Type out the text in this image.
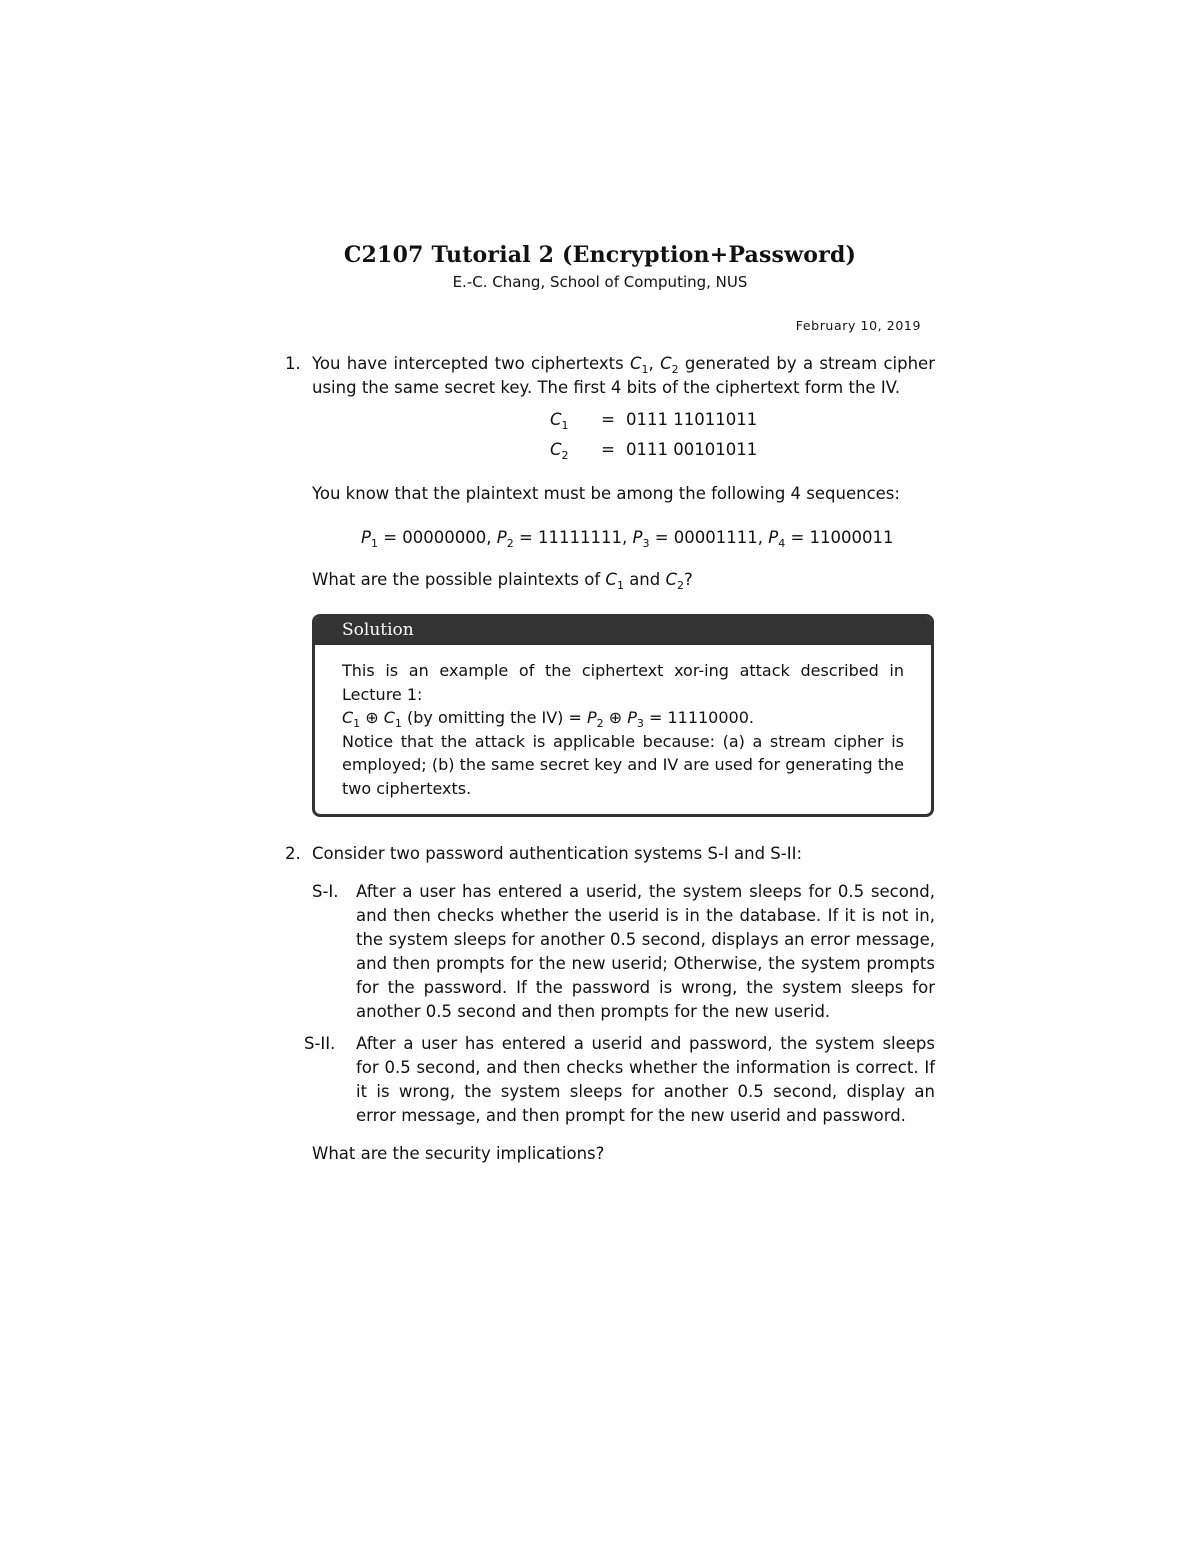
C2107 Tutorial 2 (Encryption+Password)
E.-C. Chang, School of Computing, NUS
February 10, 2019
1. You have intercepted two ciphertexts $C_1$, $C_2$ generated by a stream cipher using the same secret key. The first 4 bits of the ciphertext form the IV.

$C_1 = 0111$ 11011011
$C_2 = 0111$ 00101011

You know that the plaintext must be among the following 4 sequences:

$P_1 = 00000000$, $P_2 = 11111111$, $P_3 = 00001111$, $P_4 = 11000011$

What are the possible plaintexts of $C_1$ and $C_2$?

Solution
This is an example of the ciphertext xor-ing attack described in Lecture 1:
$C_1$ ⊕ $C_1$ (by omitting the $IV) = P_2$ ⊕ $P_3 = 11110000$.
Notice that the attack is applicable because: (a) a stream cipher is employed; (b) the same secret key and IV are used for generating the two ciphertexts.
2. Consider two password authentication systems S-I and S-II:

S-I. After a user has entered a userid, the system sleeps for 0.5 second, and then checks whether the userid is in the database. If it is not in, the system sleeps for another 0.5 second, displays an error message, and then prompts for the new userid; Otherwise, the system prompts for the password. If the password is wrong, the system sleeps for another 0.5 second and then prompts for the new userid.
S-II. After a user has entered a userid and password, the system sleeps for 0.5 second, and then checks whether the information is correct. If it is wrong, the system sleeps for another 0.5 second, display an error message, and then prompt for the new userid and password.

What are the security implications?
